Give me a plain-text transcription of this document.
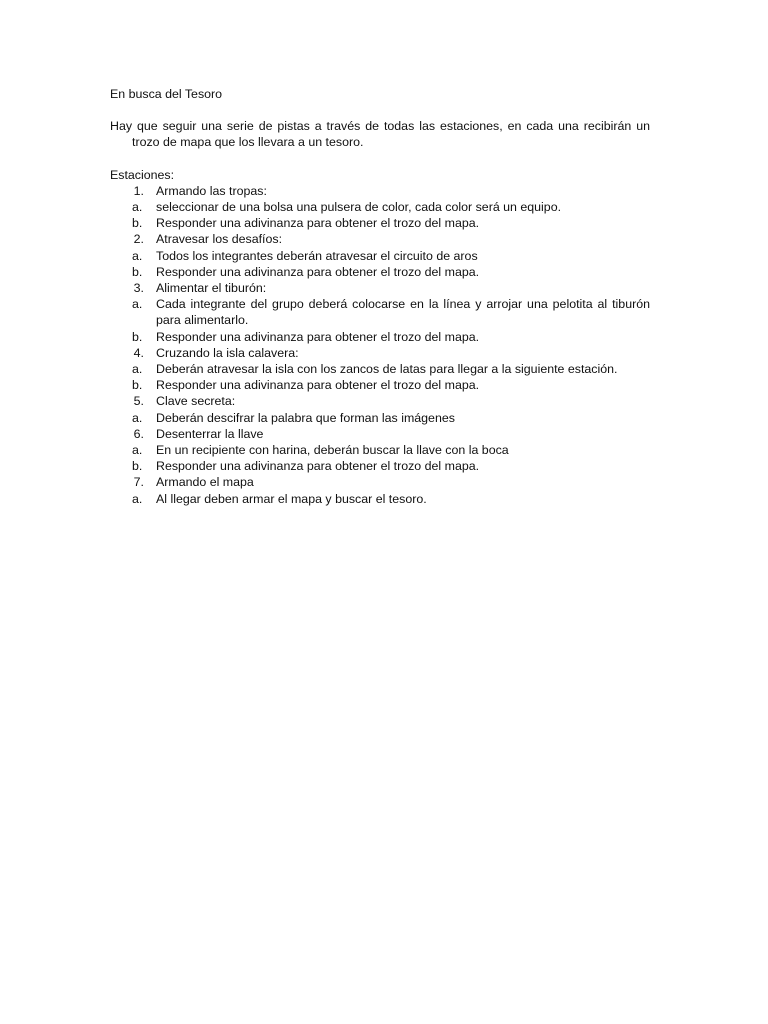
En busca del Tesoro

Hay que seguir una serie de pistas a través de todas las estaciones, en cada una recibirán un trozo de mapa que los llevara a un tesoro.

Estaciones:

1. Armando las tropas:
a.	seleccionar de una bolsa una pulsera de color, cada color será un equipo.
b.	Responder una adivinanza para obtener el trozo del mapa.
2. Atravesar los desafíos:
a.	Todos los integrantes deberán atravesar el circuito de aros
b.	Responder una adivinanza para obtener el trozo del mapa.
3. Alimentar el tiburón:
a.	Cada integrante del grupo deberá colocarse en la línea y arrojar una pelotita al tiburón para alimentarlo.
b.	Responder una adivinanza para obtener el trozo del mapa.
4. Cruzando la isla calavera:
a.	Deberán atravesar la isla con los zancos de latas para llegar a la siguiente estación.
b.	Responder una adivinanza para obtener el trozo del mapa.
5. Clave secreta:
a.	Deberán descifrar la palabra que forman las imágenes
6. Desenterrar la llave
a.	En un recipiente con harina, deberán buscar la llave con la boca
b.	Responder una adivinanza para obtener el trozo del mapa.
7. Armando el mapa
a.	Al llegar deben armar el mapa y buscar el tesoro.
